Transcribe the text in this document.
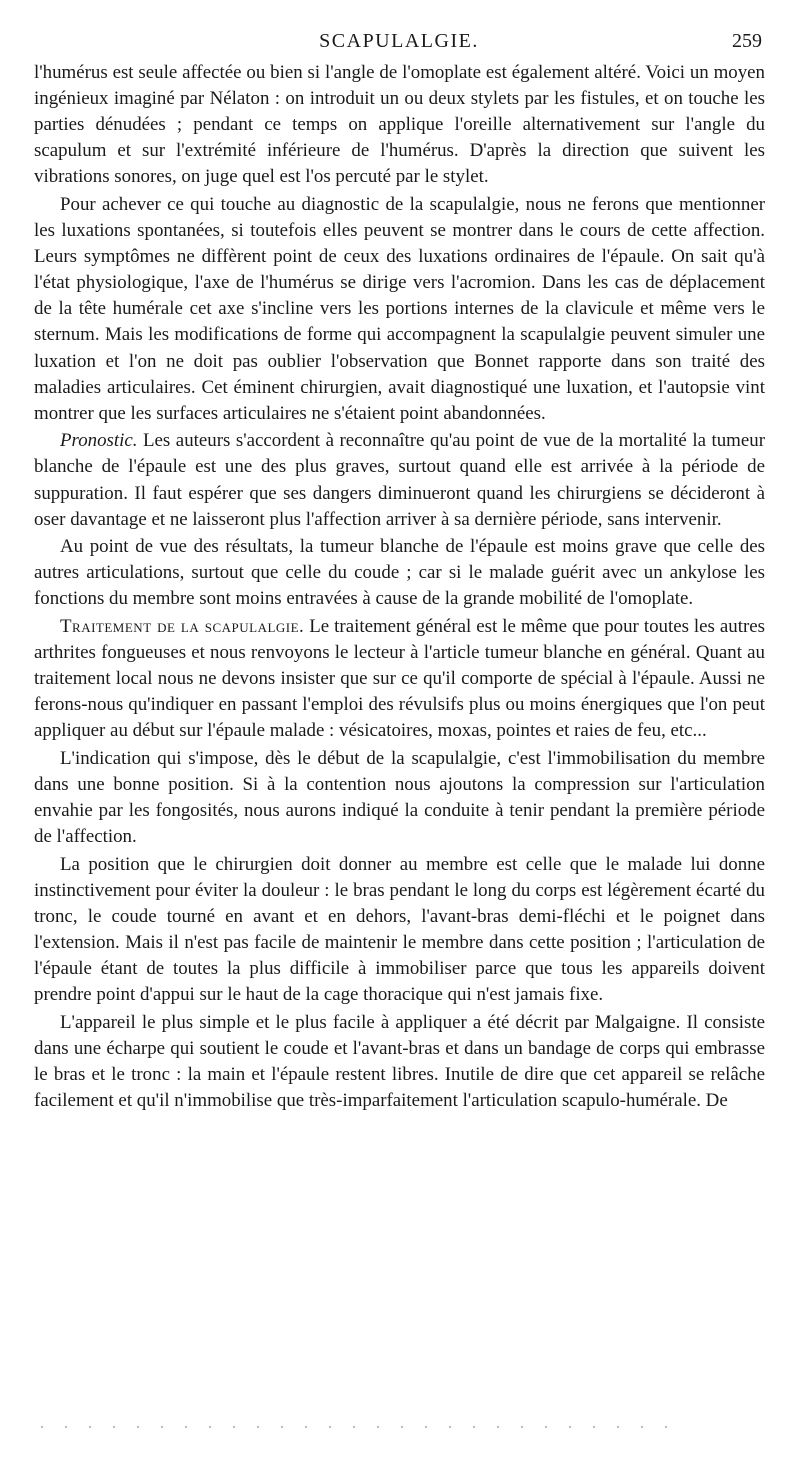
SCAPULALGIE.	259

l'humérus est seule affectée ou bien si l'angle de l'omoplate est également altéré. Voici un moyen ingénieux imaginé par Nélaton : on introduit un ou deux stylets par les fistules, et on touche les parties dénudées ; pendant ce temps on applique l'oreille alternativement sur l'angle du scapulum et sur l'extrémité inférieure de l'humérus. D'après la direction que suivent les vibrations sonores, on juge quel est l'os percuté par le stylet.

Pour achever ce qui touche au diagnostic de la scapulalgie, nous ne ferons que mentionner les luxations spontanées, si toutefois elles peuvent se montrer dans le cours de cette affection. Leurs symptômes ne diffèrent point de ceux des luxations ordinaires de l'épaule. On sait qu'à l'état physiologique, l'axe de l'humérus se dirige vers l'acromion. Dans les cas de déplacement de la tête humérale cet axe s'incline vers les portions internes de la clavicule et même vers le sternum. Mais les modifications de forme qui accompagnent la scapulalgie peuvent simuler une luxation et l'on ne doit pas oublier l'observation que Bonnet rapporte dans son traité des maladies articulaires. Cet éminent chirurgien, avait diagnostiqué une luxation, et l'autopsie vint montrer que les surfaces articulaires ne s'étaient point abandonnées.

Pronostic. Les auteurs s'accordent à reconnaître qu'au point de vue de la mortalité la tumeur blanche de l'épaule est une des plus graves, surtout quand elle est arrivée à la période de suppuration. Il faut espérer que ses dangers diminueront quand les chirurgiens se décideront à oser davantage et ne laisseront plus l'affection arriver à sa dernière période, sans intervenir.

Au point de vue des résultats, la tumeur blanche de l'épaule est moins grave que celle des autres articulations, surtout que celle du coude ; car si le malade guérit avec un ankylose les fonctions du membre sont moins entravées à cause de la grande mobilité de l'omoplate.

Traitement de la scapulalgie. Le traitement général est le même que pour toutes les autres arthrites fongueuses et nous renvoyons le lecteur à l'article tumeur blanche en général. Quant au traitement local nous ne devons insister que sur ce qu'il comporte de spécial à l'épaule. Aussi ne ferons-nous qu'indiquer en passant l'emploi des révulsifs plus ou moins énergiques que l'on peut appliquer au début sur l'épaule malade : vésicatoires, moxas, pointes et raies de feu, etc...

L'indication qui s'impose, dès le début de la scapulalgie, c'est l'immobilisation du membre dans une bonne position. Si à la contention nous ajoutons la compression sur l'articulation envahie par les fongosités, nous aurons indiqué la conduite à tenir pendant la première période de l'affection.

La position que le chirurgien doit donner au membre est celle que le malade lui donne instinctivement pour éviter la douleur : le bras pendant le long du corps est légèrement écarté du tronc, le coude tourné en avant et en dehors, l'avant-bras demi-fléchi et le poignet dans l'extension. Mais il n'est pas facile de maintenir le membre dans cette position ; l'articulation de l'épaule étant de toutes la plus difficile à immobiliser parce que tous les appareils doivent prendre point d'appui sur le haut de la cage thoracique qui n'est jamais fixe.

L'appareil le plus simple et le plus facile à appliquer a été décrit par Malgaigne. Il consiste dans une écharpe qui soutient le coude et l'avant-bras et dans un bandage de corps qui embrasse le bras et le tronc : la main et l'épaule restent libres. Inutile de dire que cet appareil se relâche facilement et qu'il n'immobilise que très-imparfaitement l'articulation scapulo-humérale. De
